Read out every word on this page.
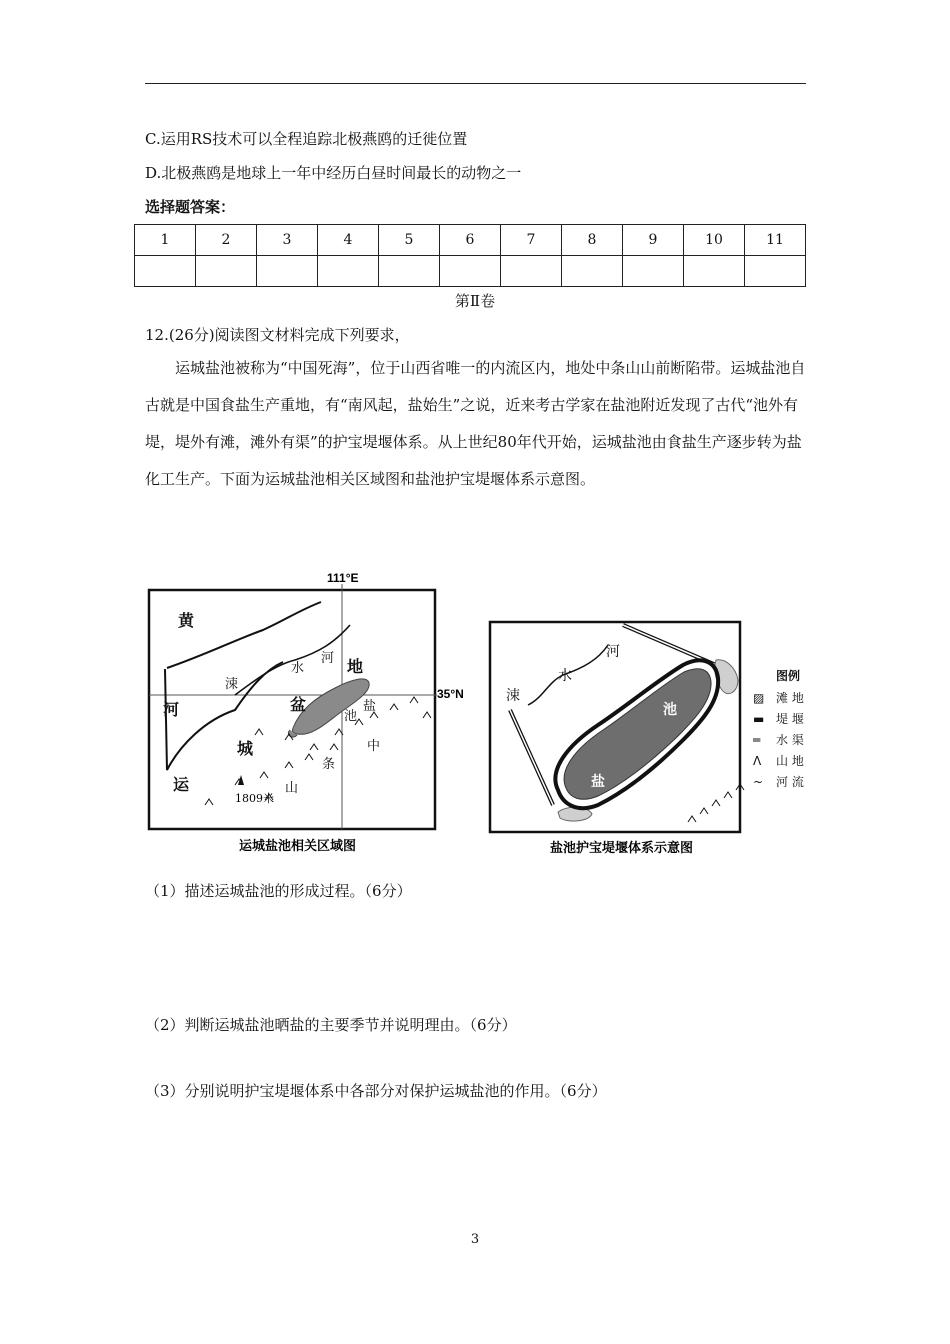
C.运用RS技术可以全程追踪北极燕鸥的迁徙位置
D.北极燕鸥是地球上一年中经历白昼时间最长的动物之一
选择题答案：
1	2	3	4	5	6	7	8	9	10	11

第Ⅱ卷
12.(26分)阅读图文材料完成下列要求，
运城盐池被称为“中国死海”，位于山西省唯一的内流区内，地处中条山山前断陷带。运城盐池自古就是中国食盐生产重地，有“南风起，盐始生”之说，近来考古学家在盐池附近发现了古代“池外有堤，堤外有滩，滩外有渠”的护宝堤堰体系。从上世纪80年代开始，运城盐池由食盐生产逐步转为盐化工生产。下面为运城盐池相关区域图和盐池护宝堤堰体系示意图。
111°E
35°N
1809米
黄
河
运
城
盆
地
涑
水
河
盐
池
中
条
山
运城盐池相关区域图
涑
水
河
池
盐
图例
▨ 滩 地
▬ 堤 堰
═ 水 渠
ᐱ 山 地
~ 河 流
盐池护宝堤堰体系示意图
（1）描述运城盐池的形成过程。（6分）
（2）判断运城盐池晒盐的主要季节并说明理由。（6分）
（3）分别说明护宝堤堰体系中各部分对保护运城盐池的作用。（6分）
3
